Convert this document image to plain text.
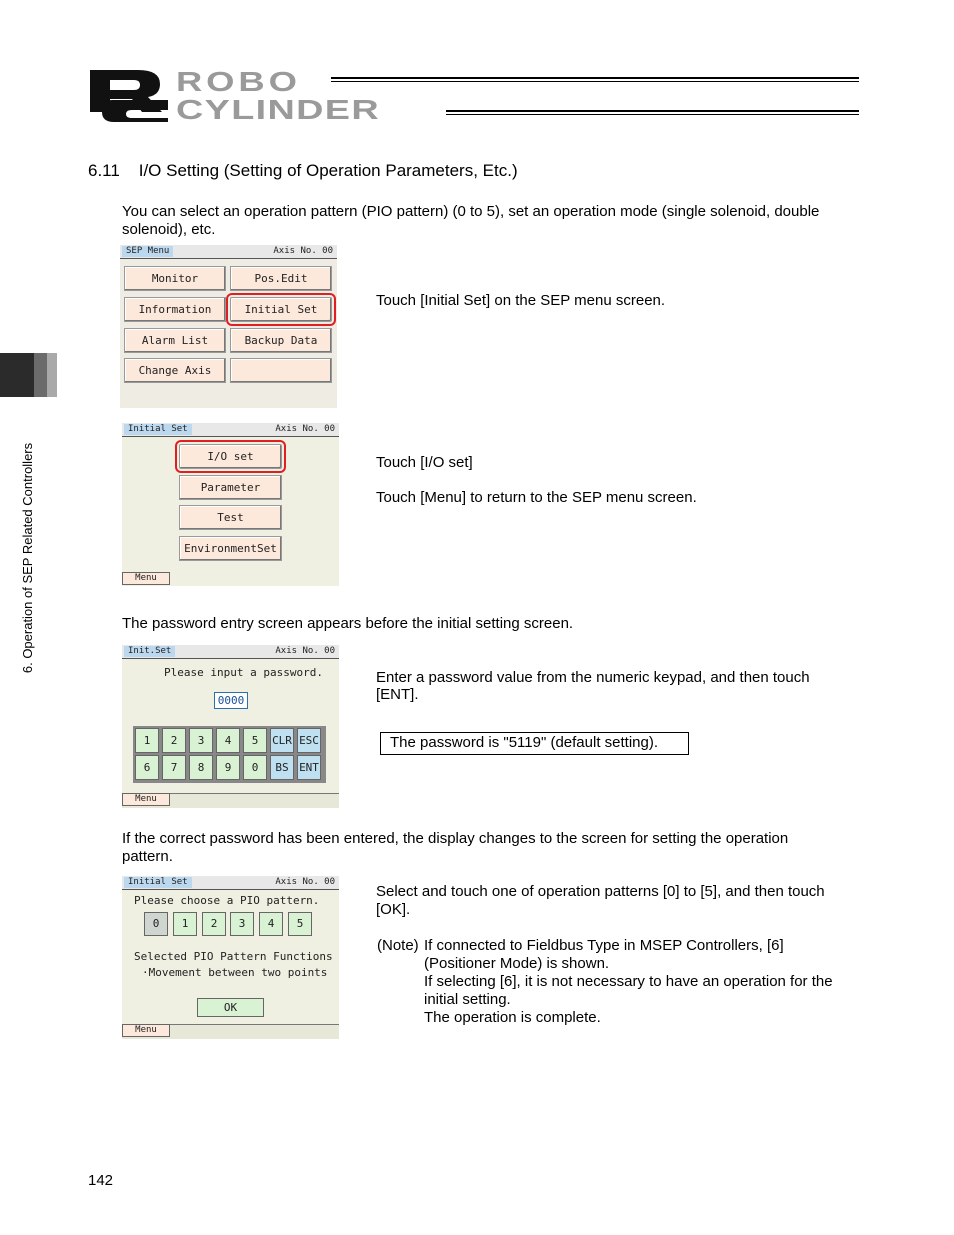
ROBO
CYLINDER
6. Operation of SEP Related Controllers
6.11    I/O Setting (Setting of Operation Parameters, Etc.)
You can select an operation pattern (PIO pattern) (0 to 5), set an operation mode (single solenoid, double
solenoid), etc.
SEP Menu	Axis No. 00
Monitor	Pos.Edit
Information	Initial Set
Alarm List	Backup Data
Change Axis
Touch [Initial Set] on the SEP menu screen.
Initial Set	Axis No. 00
I/O set
Parameter
Test
EnvironmentSet
Menu
Touch [I/O set]
Touch [Menu] to return to the SEP menu screen.
The password entry screen appears before the initial setting screen.
Init.Set	Axis No. 00
Please input a password.
0000
1	2	3	4	5	CLR ESC
6	7	8	9	0	BS ENT
Menu
Enter a password value from the numeric keypad, and then touch
[ENT].
The password is "5119" (default setting).
If the correct password has been entered, the display changes to the screen for setting the operation
pattern.
Initial Set	Axis No. 00
Please choose a PIO pattern.
0	1	2	3	4	5
Selected PIO Pattern Functions
·Movement between two points
OK
Menu
Select and touch one of operation patterns [0] to [5], and then touch
[OK].
(Note) If connected to Fieldbus Type in MSEP Controllers, [6]
(Positioner Mode) is shown.
If selecting [6], it is not necessary to have an operation for the
initial setting.
The operation is complete.
142
